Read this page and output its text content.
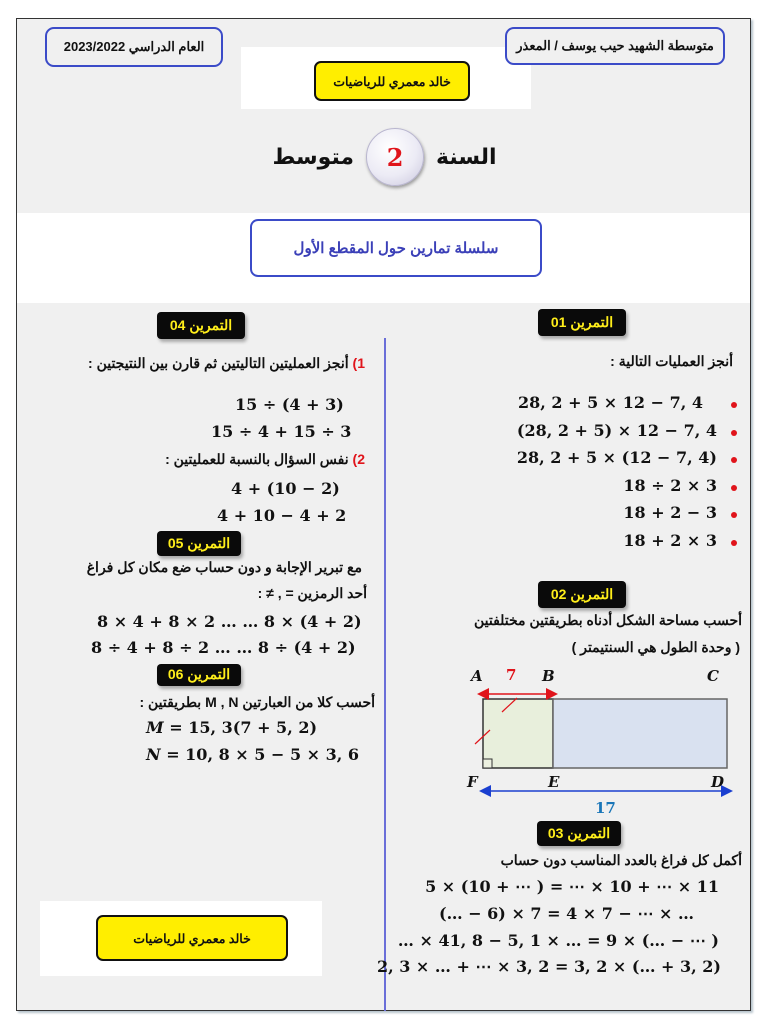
العام الدراسي 2023/2022	متوسطة الشهيد حيب يوسف / المعذر
خالد معمري للرياضيات
السنة
2
متوسط
سلسلة تمارين حول المقطع الأول
التمرين 01
أنجز العمليات التالية :
28, 2 + 5 × 12 − 7, 4
(28, 2 + 5) × 12 − 7, 4
28, 2 + 5 × (12 − 7, 4)
18 ÷ 2 × 3
18 + 2 − 3
18 + 2 × 3
التمرين 02
أحسب مساحة الشكل أدناه بطريقتين مختلفتين
( وحدة الطول هي السنتيمتر )
A 7 B	C
F	E	D
17
التمرين 03
أكمل كل فراغ بالعدد المناسب دون حساب
5 × (10 + ⋯ ) = ⋯ × 10 + ⋯ × 11
(… − 6) × 7 = 4 × 7 − ⋯ × …
… × 41, 8 − 5, 1 × … = 9 × (… − ⋯ )
2, 3 × … + ⋯ × 3, 2 = 3, 2 × (… + 3, 2)
التمرين 04
1) أنجز العمليتين التاليتين ثم قارن بين النتيجتين :
15 ÷ (4 + 3)
15 ÷ 4 + 15 ÷ 3
2) نفس السؤال بالنسبة للعمليتين :
4 + (10 − 2)
4 + 10 − 4 + 2
التمرين 05
مع تبرير الإجابة و دون حساب ضع مكان كل فراغ
أحد الرمزين = , ≠ :
8 × 4 + 8 × 2 … … 8 × (4 + 2)
8 ÷ 4 + 8 ÷ 2 … … 8 ÷ (4 + 2)
التمرين 06
أحسب كلا من العبارتين M , N بطريقتين :
M = 15, 3(7 + 5, 2)
N = 10, 8 × 5 − 5 × 3, 6
خالد معمري للرياضيات
